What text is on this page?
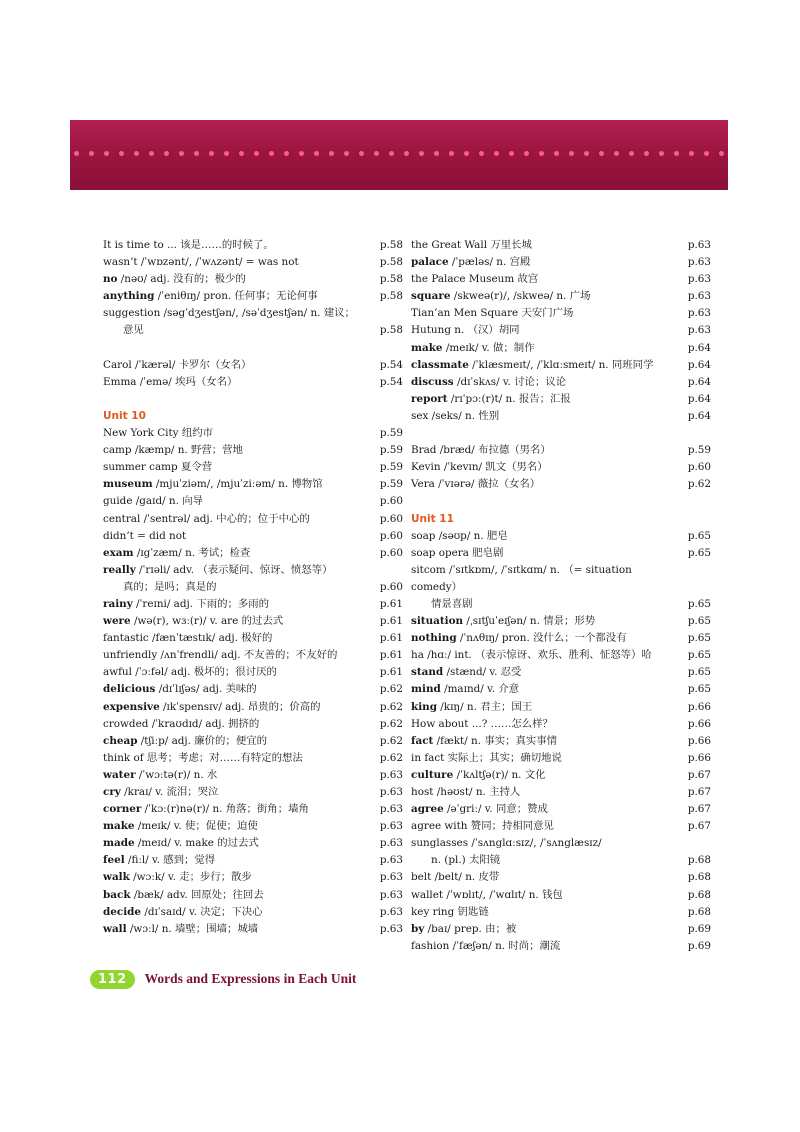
It is time to ... 该是……的时候了。	p.58
wasn’t /ˈwɒzənt/, /ˈwʌzənt/ = was not	p.58
no /nəʊ/ adj. 没有的；极少的	p.58
anything /ˈeniθɪŋ/ pron. 任何事；无论何事	p.58
suggestion /səgˈdʒestʃən/, /səˈdʒestʃən/ n. 建议；
意见	p.58
Carol /ˈkærəl/ 卡罗尔（女名）	p.54
Emma /ˈemə/ 埃玛（女名）	p.54
Unit 10
New York City 纽约市	p.59
camp /kæmp/ n. 野营；营地	p.59
summer camp 夏令营	p.59
museum /mjuˈziəm/, /mjuˈziːəm/ n. 博物馆	p.59
guide /gaɪd/ n. 向导	p.60
central /ˈsentrəl/ adj. 中心的；位于中心的	p.60
didn’t = did not	p.60
exam /ɪgˈzæm/ n. 考试；检查	p.60
really /ˈrɪəli/ adv. （表示疑问、惊讶、愤怒等）
真的；是吗；真是的	p.60
rainy /ˈreɪni/ adj. 下雨的；多雨的	p.61
were /wə(r), wɜː(r)/ v. are 的过去式	p.61
fantastic /fænˈtæstɪk/ adj. 极好的	p.61
unfriendly /ʌnˈfrendli/ adj. 不友善的；不友好的	p.61
awful /ˈɔːfəl/ adj. 极坏的；很讨厌的	p.61
delicious /dɪˈlɪʃəs/ adj. 美味的	p.62
expensive /ɪkˈspensɪv/ adj. 昂贵的；价高的	p.62
crowded /ˈkraʊdɪd/ adj. 拥挤的	p.62
cheap /tʃiːp/ adj. 廉价的；便宜的	p.62
think of 思考；考虑；对……有特定的想法	p.62
water /ˈwɔːtə(r)/ n. 水	p.63
cry /kraɪ/ v. 流泪；哭泣	p.63
corner /ˈkɔː(r)nə(r)/ n. 角落；街角；墙角	p.63
make /meɪk/ v. 使；促使；迫使	p.63
made /meɪd/ v. make 的过去式	p.63
feel /fiːl/ v. 感到；觉得	p.63
walk /wɔːk/ v. 走；步行；散步	p.63
back /bæk/ adv. 回原处；往回去	p.63
decide /dɪˈsaɪd/ v. 决定；下决心	p.63
wall /wɔːl/ n. 墙壁；围墙；城墙	p.63
the Great Wall 万里长城	p.63
palace /ˈpæləs/ n. 宫殿	p.63
the Palace Museum 故宫	p.63
square /skweə(r)/, /skweə/ n. 广场	p.63
Tian’an Men Square 天安门广场	p.63
Hutung n. （汉）胡同	p.63
make /meɪk/ v. 做；制作	p.64
classmate /ˈklæsmeɪt/, /ˈklɑːsmeɪt/ n. 同班同学	p.64
discuss /dɪˈskʌs/ v. 讨论；议论	p.64
report /rɪˈpɔː(r)t/ n. 报告；汇报	p.64
sex /seks/ n. 性别	p.64
Brad /bræd/ 布拉德（男名）	p.59
Kevin /ˈkevɪn/ 凯文（男名）	p.60
Vera /ˈvɪərə/ 薇拉（女名）	p.62
Unit 11
soap /səʊp/ n. 肥皂	p.65
soap opera 肥皂剧	p.65
sitcom /ˈsɪtkɒm/, /ˈsɪtkɑm/ n. （= situation comedy）
情景喜剧	p.65
situation /ˌsɪtʃuˈeɪʃən/ n. 情景；形势	p.65
nothing /ˈnʌθɪŋ/ pron. 没什么；一个都没有	p.65
ha /hɑː/ int. （表示惊讶、欢乐、胜利、怔怒等）哈	p.65
stand /stænd/ v. 忍受	p.65
mind /maɪnd/ v. 介意	p.65
king /kɪŋ/ n. 君主；国王	p.66
How about ...? ……怎么样？	p.66
fact /fækt/ n. 事实；真实事情	p.66
in fact 实际上；其实；确切地说	p.66
culture /ˈkʌltʃə(r)/ n. 文化	p.67
host /həʊst/ n. 主持人	p.67
agree /əˈgriː/ v. 同意；赞成	p.67
agree with 赞同；持相同意见	p.67
sunglasses /ˈsʌnglɑːsɪz/, /ˈsʌnglæsɪz/
n. (pl.) 太阳镜	p.68
belt /belt/ n. 皮带	p.68
wallet /ˈwɒlɪt/, /ˈwɑlɪt/ n. 钱包	p.68
key ring 钥匙链	p.68
by /baɪ/ prep. 由；被	p.69
fashion /ˈfæʃən/ n. 时尚；潮流	p.69
112	Words and Expressions in Each Unit
